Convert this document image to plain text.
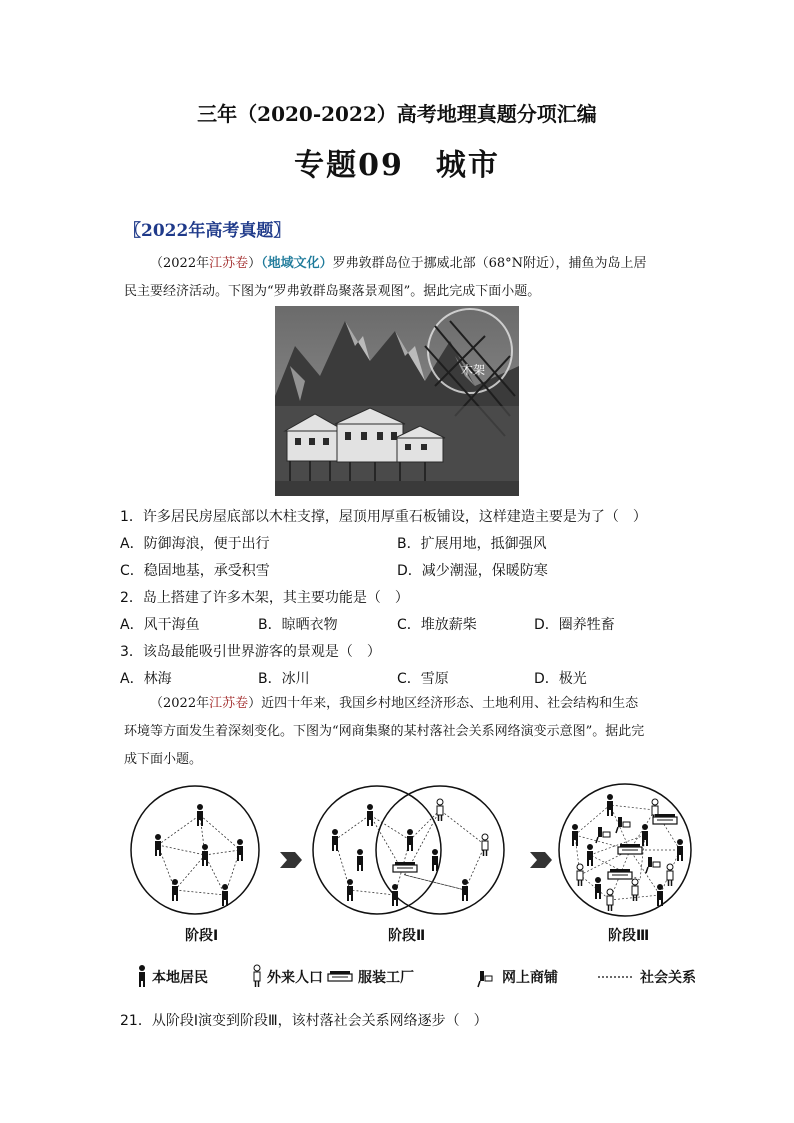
三年（2020-2022）高考地理真题分项汇编
专题09　城市
〖2022年高考真题〗
（2022年江苏卷）（地域文化）罗弗敦群岛位于挪威北部（68°N附近），捕鱼为岛上居
民主要经济活动。下图为“罗弗敦群岛聚落景观图”。据此完成下面小题。
木架
1．许多居民房屋底部以木柱支撑，屋顶用厚重石板铺设，这样建造主要是为了（　）
A．防御海浪，便于出行	B．扩展用地，抵御强风
C．稳固地基，承受积雪	D．减少潮湿，保暖防寒
2．岛上搭建了许多木架，其主要功能是（　）
A．风干海鱼	B．晾晒衣物	C．堆放薪柴	D．圈养牲畜
3．该岛最能吸引世界游客的景观是（　）
A．林海	B．冰川	C．雪原	D．极光
（2022年江苏卷）近四十年来，我国乡村地区经济形态、土地利用、社会结构和生态
环境等方面发生着深刻变化。下图为“网商集聚的某村落社会关系网络演变示意图”。据此完
成下面小题。
阶段Ⅰ	阶段Ⅱ	阶段Ⅲ
本地居民	外来人口	服装工厂	网上商铺	社会关系
21．从阶段Ⅰ演变到阶段Ⅲ，该村落社会关系网络逐步（　）
